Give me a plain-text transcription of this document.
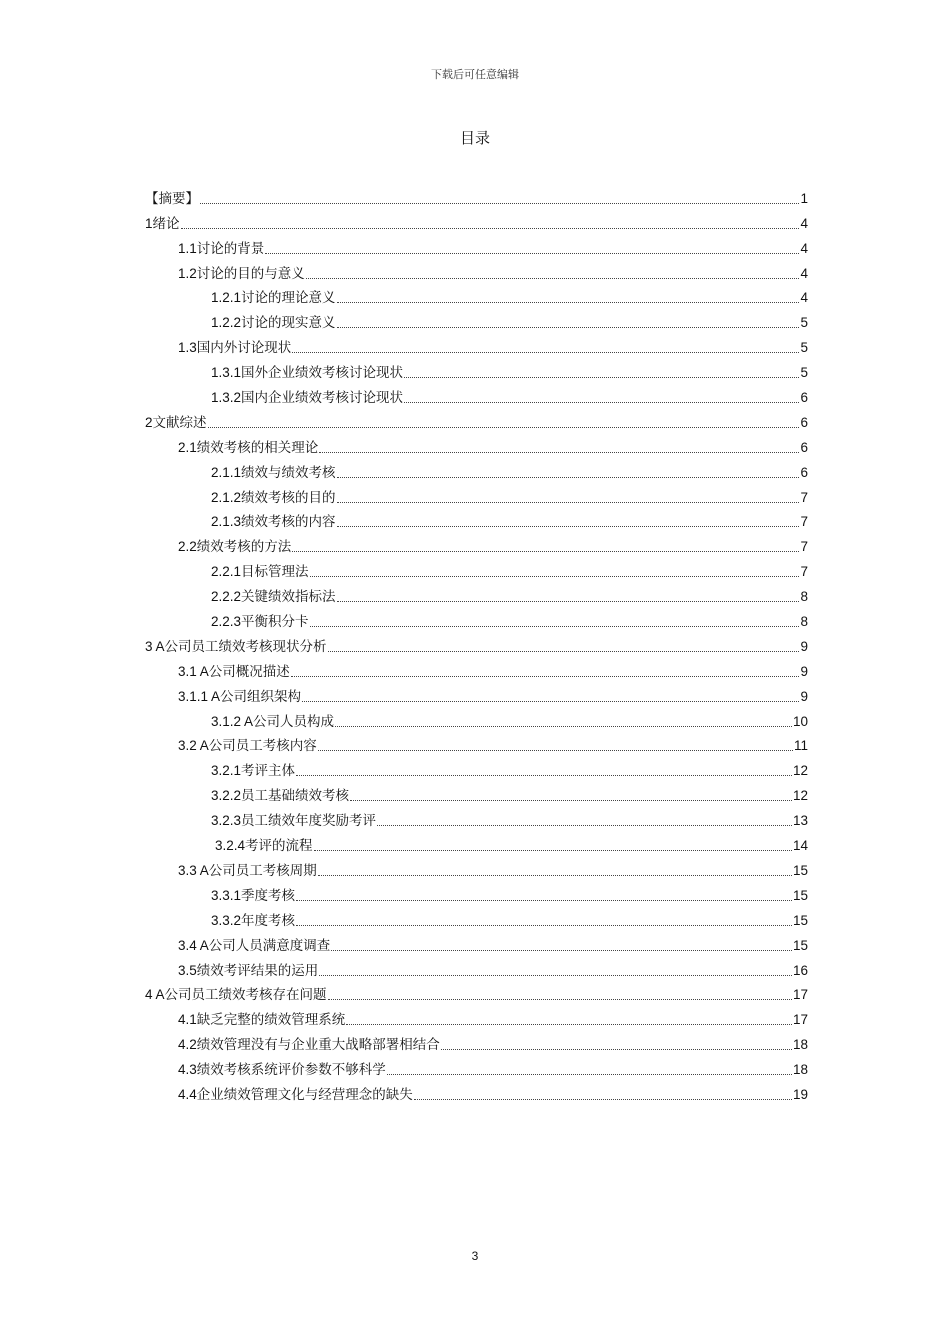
下载后可任意编辑
目录
【摘要】	1
1 绪论	4
1.1 讨论的背景	4
1.2 讨论的目的与意义	4
1.2.1 讨论的理论意义	4
1.2.2 讨论的现实意义	5
1.3 国内外讨论现状	5
1.3.1 国外企业绩效考核讨论现状	5
1.3.2 国内企业绩效考核讨论现状	6
2 文献综述	6
2.1 绩效考核的相关理论	6
2.1.1 绩效与绩效考核	6
2.1.2 绩效考核的目的	7
2.1.3 绩效考核的内容	7
2.2 绩效考核的方法	7
2.2.1 目标管理法	7
2.2.2 关键绩效指标法	8
2.2.3 平衡积分卡	8
3 A 公司员工绩效考核现状分析	9
3.1 A 公司概况描述	9
3.1.1 A 公司组织架构	9
3.1.2 A 公司人员构成	10
3.2 A 公司员工考核内容	11
3.2.1 考评主体	12
3.2.2 员工基础绩效考核	12
3.2.3 员工绩效年度奖励考评	13
3.2.4 考评的流程	14
3.3 A 公司员工考核周期	15
3.3.1 季度考核	15
3.3.2 年度考核	15
3.4 A 公司人员满意度调查	15
3.5 绩效考评结果的运用	16
4 A 公司员工绩效考核存在问题	17
4.1 缺乏完整的绩效管理系统	17
4.2 绩效管理没有与企业重大战略部署相结合	18
4.3 绩效考核系统评价参数不够科学	18
4.4 企业绩效管理文化与经营理念的缺失	19
3
